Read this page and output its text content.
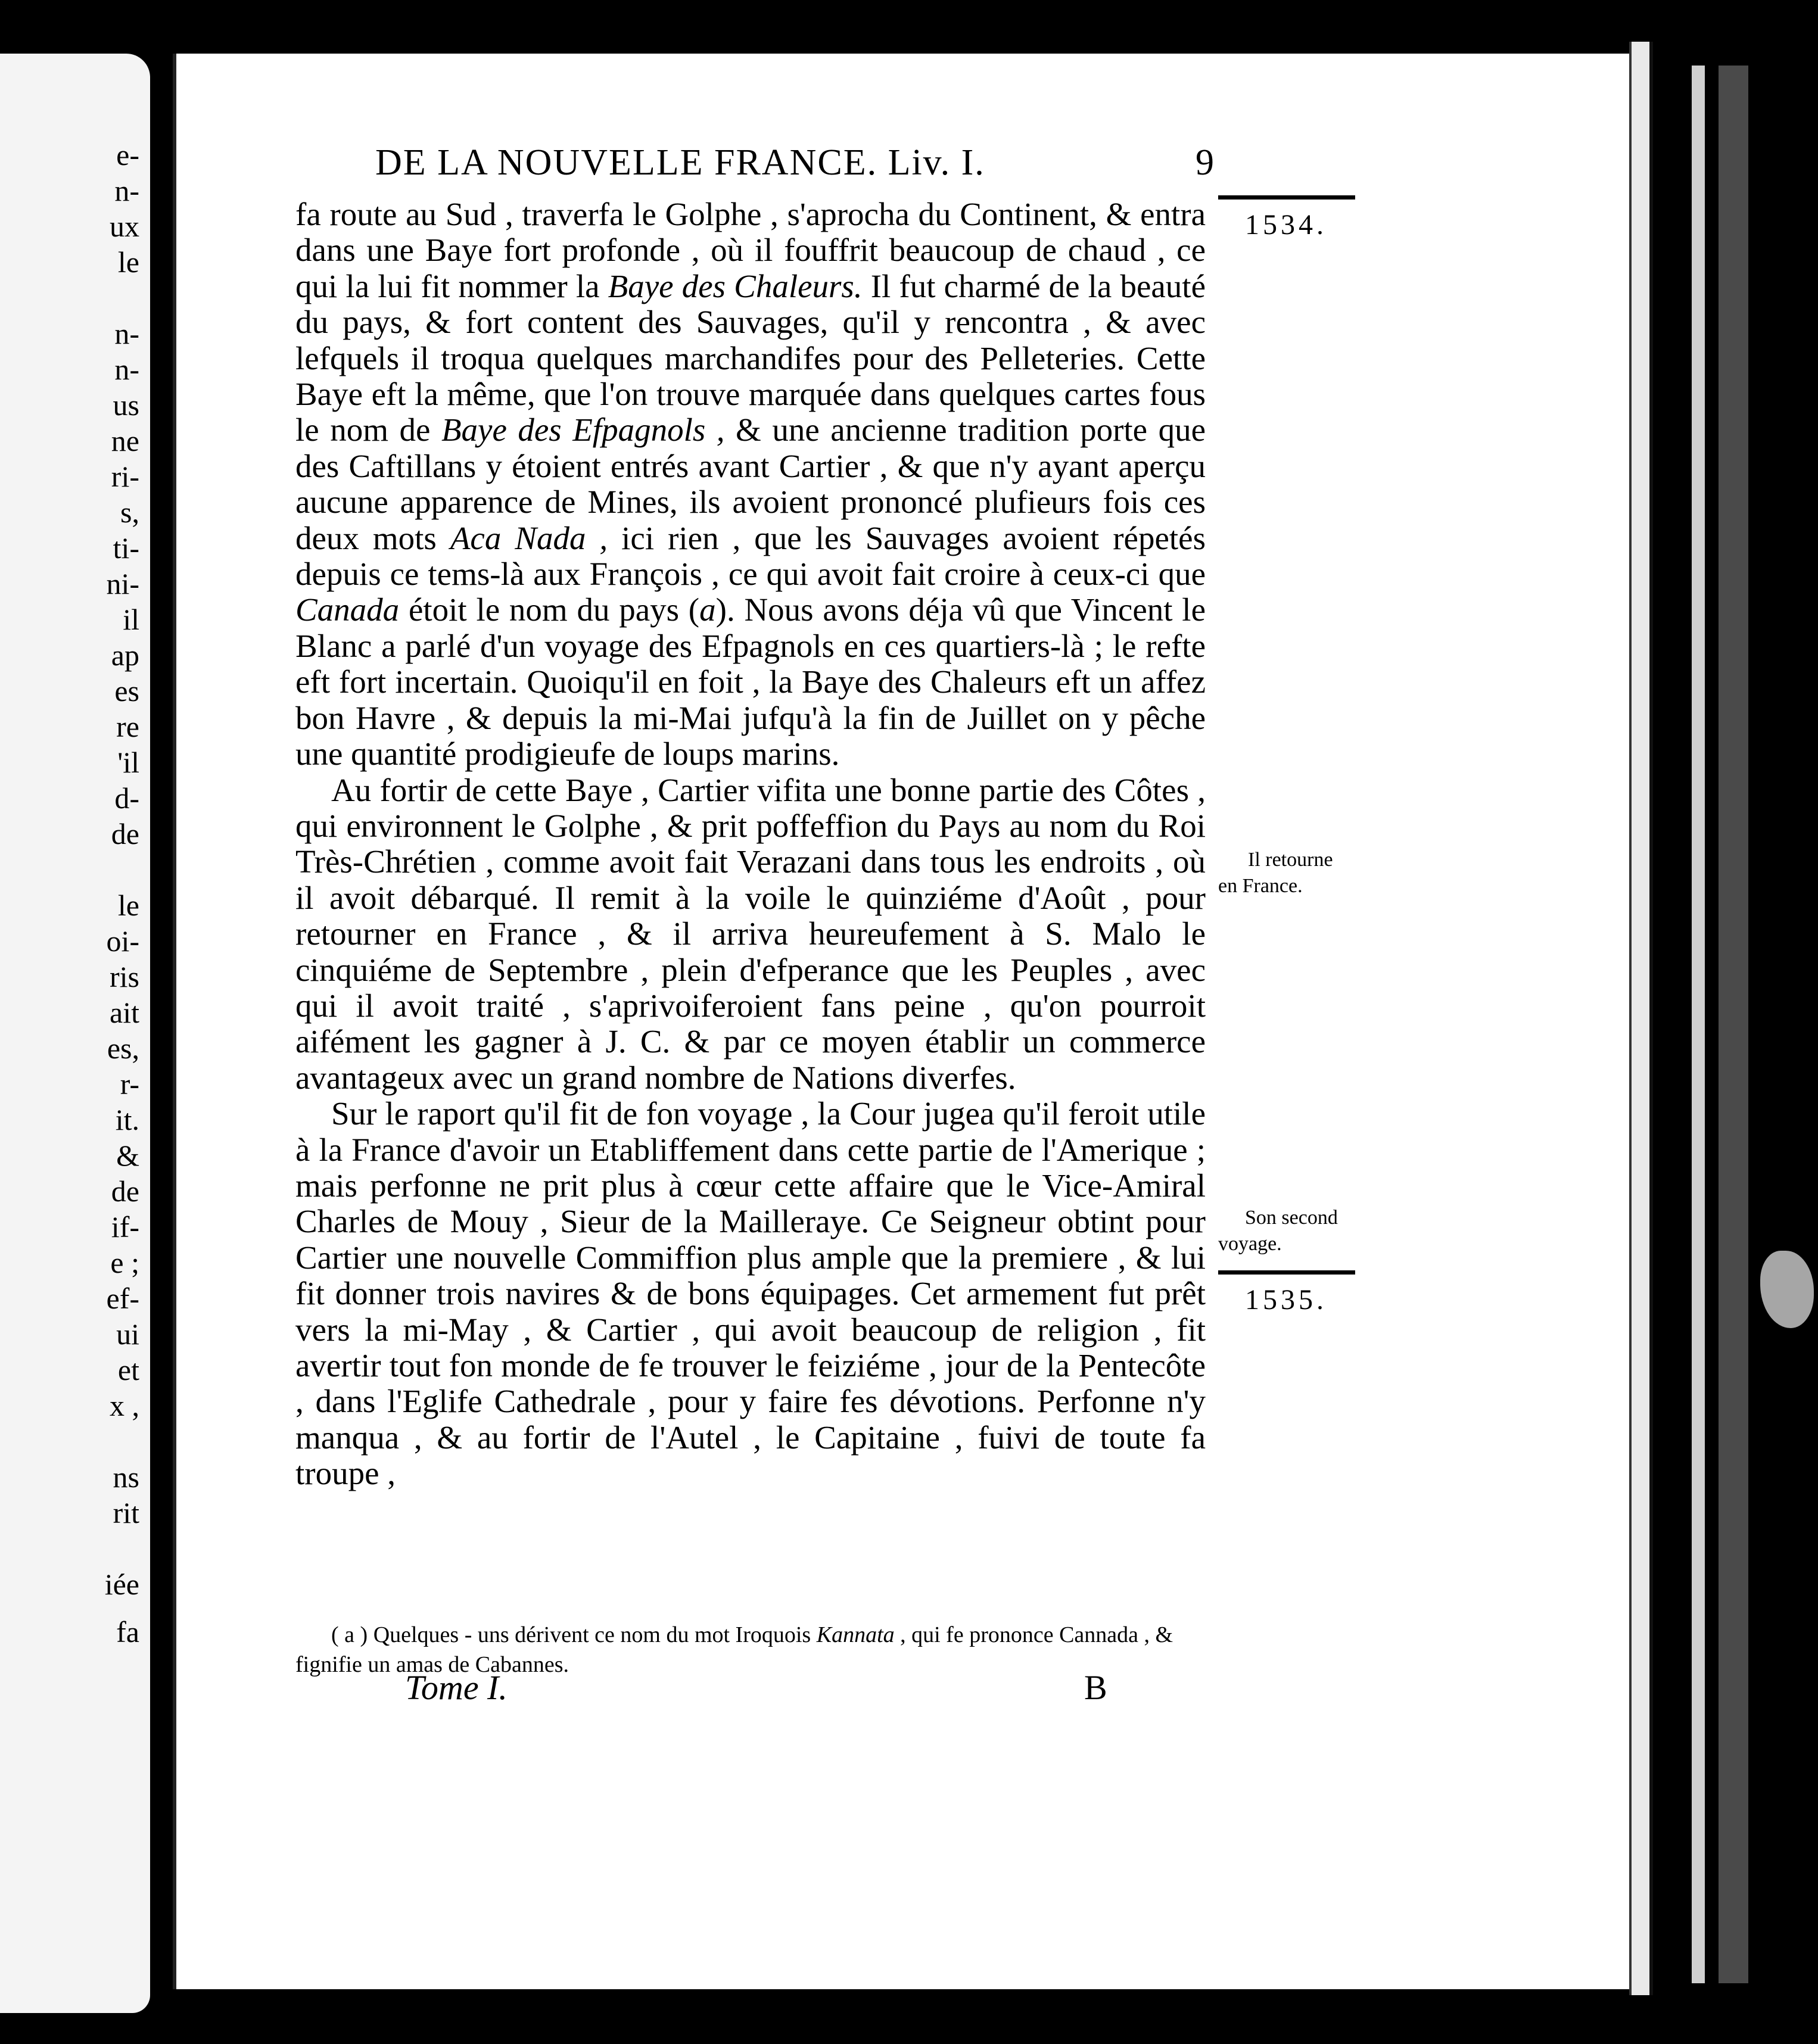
e-
n-
ux
le
n-
n-
us
ne
ri-
s,
ti-
ni-
il
ap
es
re
'il
d-
de
le
oi-
ris
ait
es,
r-
it.
&
de
if-
e ;
ef-
ui
et
x ,
ns
rit
iée
fa
DE LA NOUVELLE FRANCE. Liv. I.	9
1534.
Il retourne
en France.
Son second
voyage.
1535.

fa route au Sud , traverfa le Golphe , s'aprocha du Continent, & entra dans une Baye fort profonde , où il fouffrit beaucoup de chaud , ce qui la lui fit nommer la Baye des Chaleurs. Il fut charmé de la beauté du pays, & fort content des Sauvages, qu'il y rencontra , & avec lefquels il troqua quelques marchandifes pour des Pelleteries. Cette Baye eft la même, que l'on trouve marquée dans quelques cartes fous le nom de Baye des Efpagnols , & une ancienne tradition porte que des Caftillans y étoient entrés avant Cartier , & que n'y ayant aperçu aucune apparence de Mines, ils avoient prononcé plufieurs fois ces deux mots Aca Nada , ici rien , que les Sauvages avoient répetés depuis ce tems-là aux François , ce qui avoit fait croire à ceux-ci que Canada étoit le nom du pays (a). Nous avons déja vû que Vincent le Blanc a parlé d'un voyage des Efpagnols en ces quartiers-là ; le refte eft fort incertain. Quoiqu'il en foit , la Baye des Chaleurs eft un affez bon Havre , & depuis la mi-Mai jufqu'à la fin de Juillet on y pêche une quantité prodigieufe de loups marins.

Au fortir de cette Baye , Cartier vifita une bonne partie des Côtes , qui environnent le Golphe , & prit poffeffion du Pays au nom du Roi Très-Chrétien , comme avoit fait Verazani dans tous les endroits , où il avoit débarqué. Il remit à la voile le quinziéme d'Août , pour retourner en France , & il arriva heureufement à S. Malo le cinquiéme de Septembre , plein d'efperance que les Peuples , avec qui il avoit traité , s'aprivoiferoient fans peine , qu'on pourroit aifément les gagner à J. C. & par ce moyen établir un commerce avantageux avec un grand nombre de Nations diverfes.

Sur le raport qu'il fit de fon voyage , la Cour jugea qu'il feroit utile à la France d'avoir un Etabliffement dans cette partie de l'Amerique ; mais perfonne ne prit plus à cœur cette affaire que le Vice-Amiral Charles de Mouy , Sieur de la Mailleraye. Ce Seigneur obtint pour Cartier une nouvelle Commiffion plus ample que la premiere , & lui fit donner trois navires & de bons équipages. Cet armement fut prêt vers la mi-May , & Cartier , qui avoit beaucoup de religion , fit avertir tout fon monde de fe trouver le feiziéme , jour de la Pentecôte , dans l'Eglife Cathedrale , pour y faire fes dévotions. Perfonne n'y manqua , & au fortir de l'Autel , le Capitaine , fuivi de toute fa troupe ,

( a ) Quelques - uns dérivent ce nom du mot Iroquois Kannata , qui fe prononce Cannada , & fignifie un amas de Cabannes.
Tome I.	B
